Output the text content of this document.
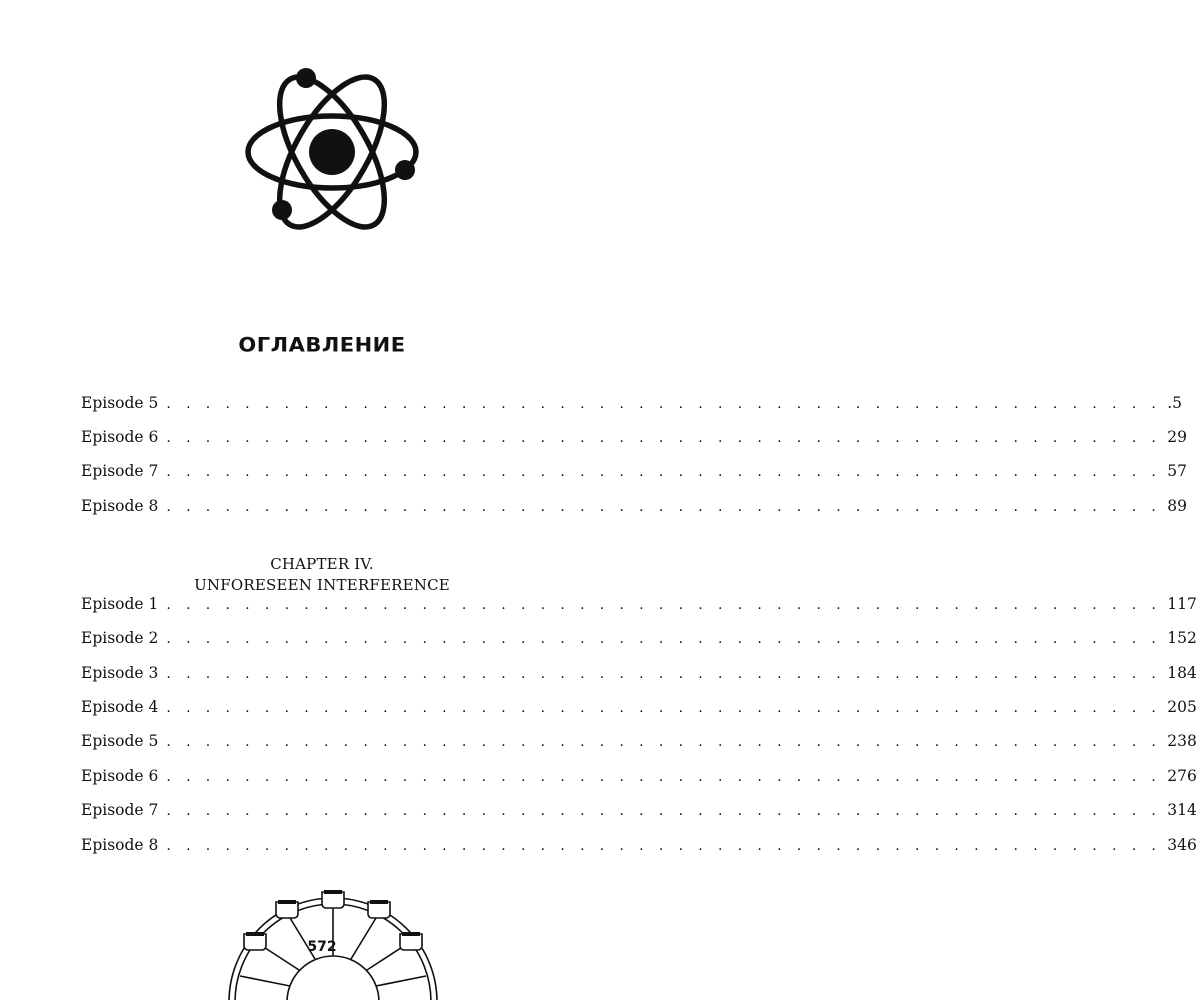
ОГЛАВЛЕНИЕ
Episode 5 . . . . . . . . . . . . . . . . . . . . . . . . . . . . . . . . . . . . . . . . . . . . . . . . . . . .5
Episode 6 . . . . . . . . . . . . . . . . . . . . . . . . . . . . . . . . . . . . . . . . . . . . . . . . . . . 29
Episode 7 . . . . . . . . . . . . . . . . . . . . . . . . . . . . . . . . . . . . . . . . . . . . . . . . . . . 57
Episode 8 . . . . . . . . . . . . . . . . . . . . . . . . . . . . . . . . . . . . . . . . . . . . . . . . . . . 89
CHAPTER IV.
UNFORESEEN INTERFERENCE
Episode 1 . . . . . . . . . . . . . . . . . . . . . . . . . . . . . . . . . . . . . . . . . . . . . . . . . . . 117
Episode 2 . . . . . . . . . . . . . . . . . . . . . . . . . . . . . . . . . . . . . . . . . . . . . . . . . . . 152
Episode 3 . . . . . . . . . . . . . . . . . . . . . . . . . . . . . . . . . . . . . . . . . . . . . . . . . . . 184
Episode 4 . . . . . . . . . . . . . . . . . . . . . . . . . . . . . . . . . . . . . . . . . . . . . . . . . . . 205
Episode 5 . . . . . . . . . . . . . . . . . . . . . . . . . . . . . . . . . . . . . . . . . . . . . . . . . . . 238
Episode 6 . . . . . . . . . . . . . . . . . . . . . . . . . . . . . . . . . . . . . . . . . . . . . . . . . . . 276
Episode 7 . . . . . . . . . . . . . . . . . . . . . . . . . . . . . . . . . . . . . . . . . . . . . . . . . . . 314
Episode 8 . . . . . . . . . . . . . . . . . . . . . . . . . . . . . . . . . . . . . . . . . . . . . . . . . . . 346
572
